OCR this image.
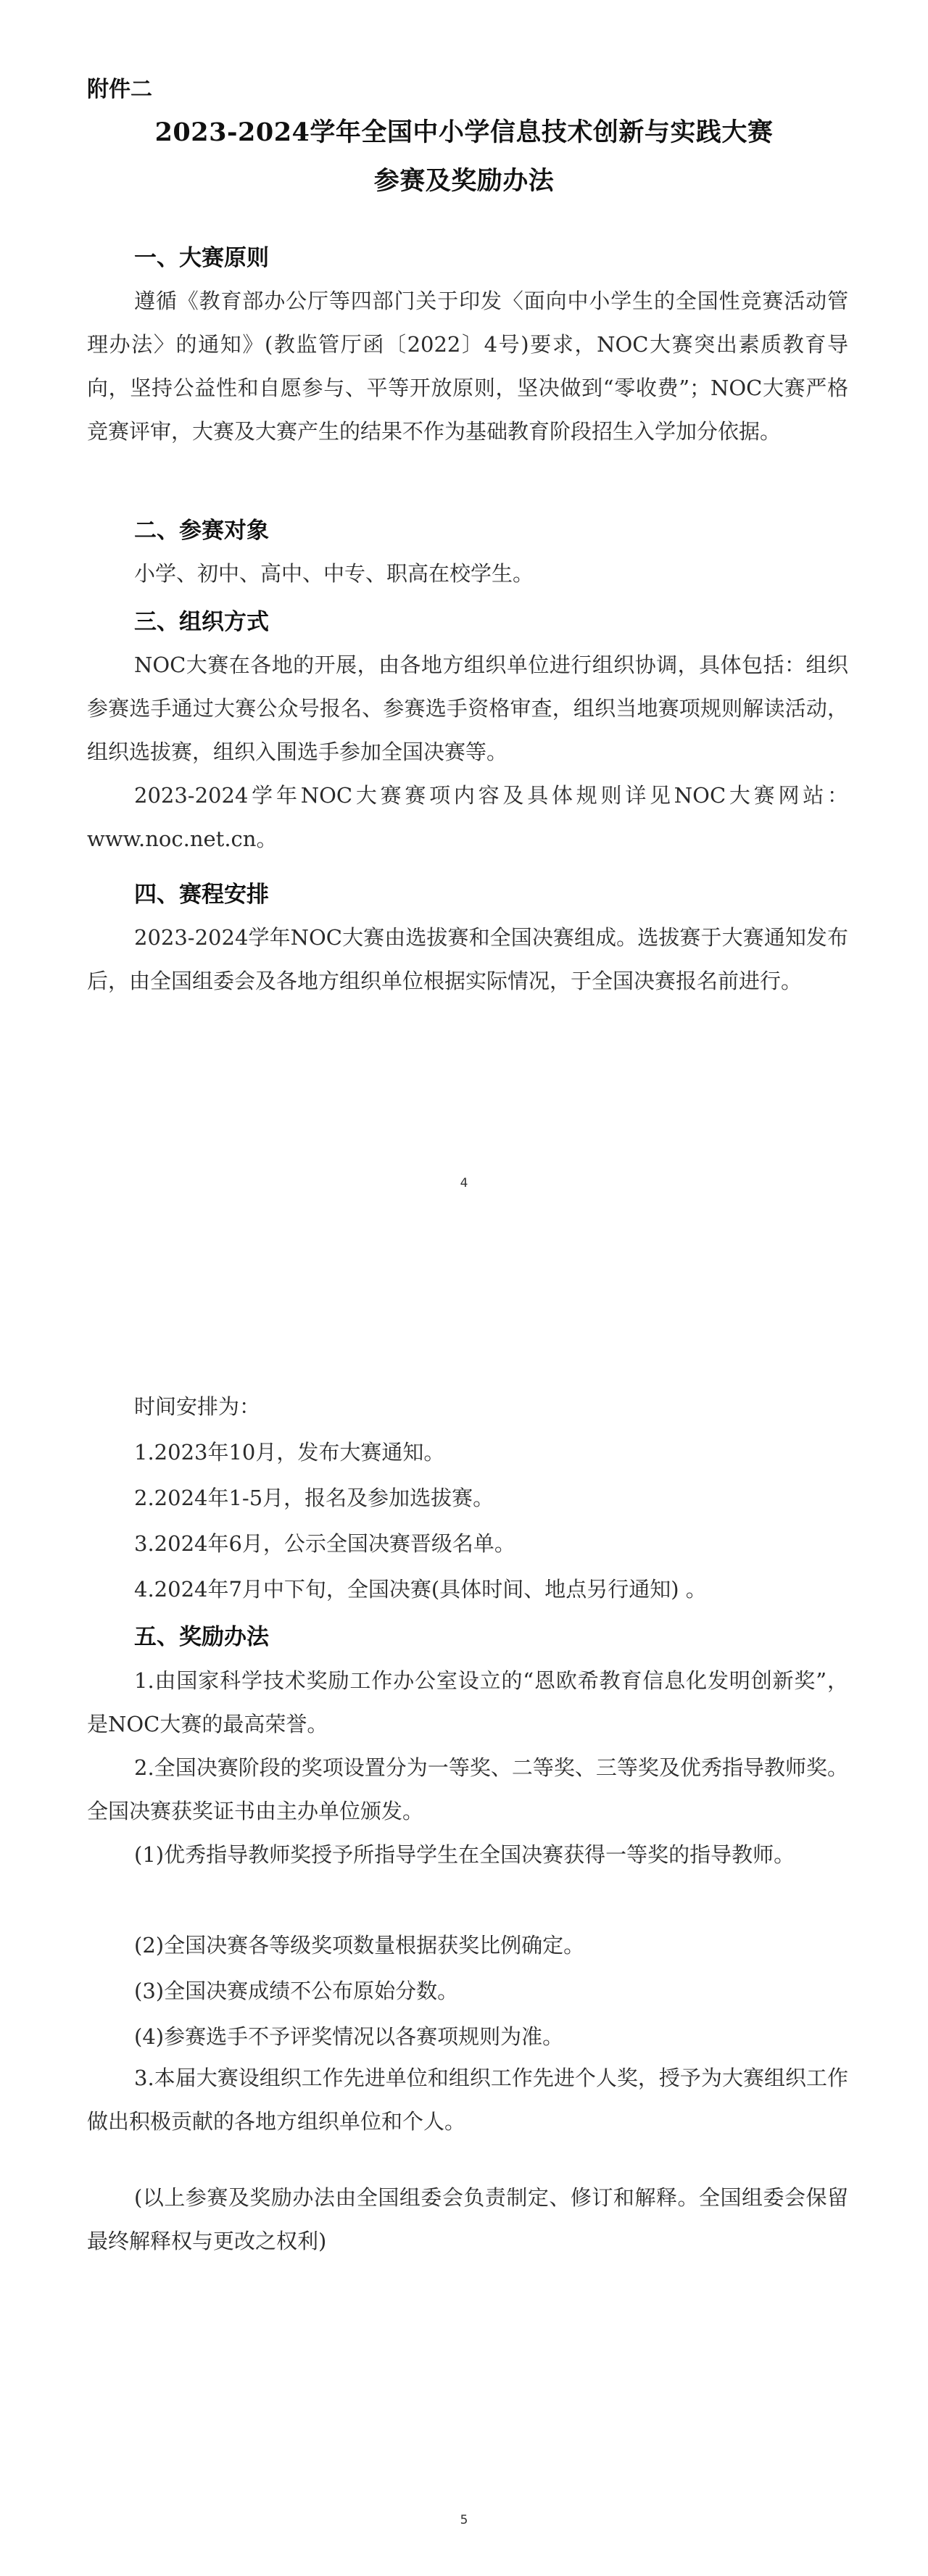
附件二
2023-2024学年全国中小学信息技术创新与实践大赛
参赛及奖励办法
一、大赛原则

遵循《教育部办公厅等四部门关于印发〈面向中小学生的全国性竞赛活动管理办法〉的通知》(教监管厅函〔2022〕4号)要求，NOC大赛突出素质教育导向，坚持公益性和自愿参与、平等开放原则，坚决做到“零收费”；NOC大赛严格竞赛评审，大赛及大赛产生的结果不作为基础教育阶段招生入学加分依据。

二、参赛对象

小学、初中、高中、中专、职高在校学生。

三、组织方式

NOC大赛在各地的开展，由各地方组织单位进行组织协调，具体包括：组织参赛选手通过大赛公众号报名、参赛选手资格审查，组织当地赛项规则解读活动，组织选拔赛，组织入围选手参加全国决赛等。

2023-2024学年NOC大赛赛项内容及具体规则详见NOC大赛网站：www.noc.net.cn。

四、赛程安排

2023-2024学年NOC大赛由选拔赛和全国决赛组成。选拔赛于大赛通知发布后，由全国组委会及各地方组织单位根据实际情况，于全国决赛报名前进行。

4
时间安排为：
1.2023年10月，发布大赛通知。
2.2024年1-5月，报名及参加选拔赛。
3.2024年6月，公示全国决赛晋级名单。
4.2024年7月中下旬，全国决赛(具体时间、地点另行通知) 。
五、奖励办法

1.由国家科学技术奖励工作办公室设立的“恩欧希教育信息化发明创新奖”，是NOC大赛的最高荣誉。

2.全国决赛阶段的奖项设置分为一等奖、二等奖、三等奖及优秀指导教师奖。全国决赛获奖证书由主办单位颁发。

(1)优秀指导教师奖授予所指导学生在全国决赛获得一等奖的指导教师。

(2)全国决赛各等级奖项数量根据获奖比例确定。
(3)全国决赛成绩不公布原始分数。
(4)参赛选手不予评奖情况以各赛项规则为准。

3.本届大赛设组织工作先进单位和组织工作先进个人奖，授予为大赛组织工作做出积极贡献的各地方组织单位和个人。

(以上参赛及奖励办法由全国组委会负责制定、修订和解释。全国组委会保留最终解释权与更改之权利)

5
